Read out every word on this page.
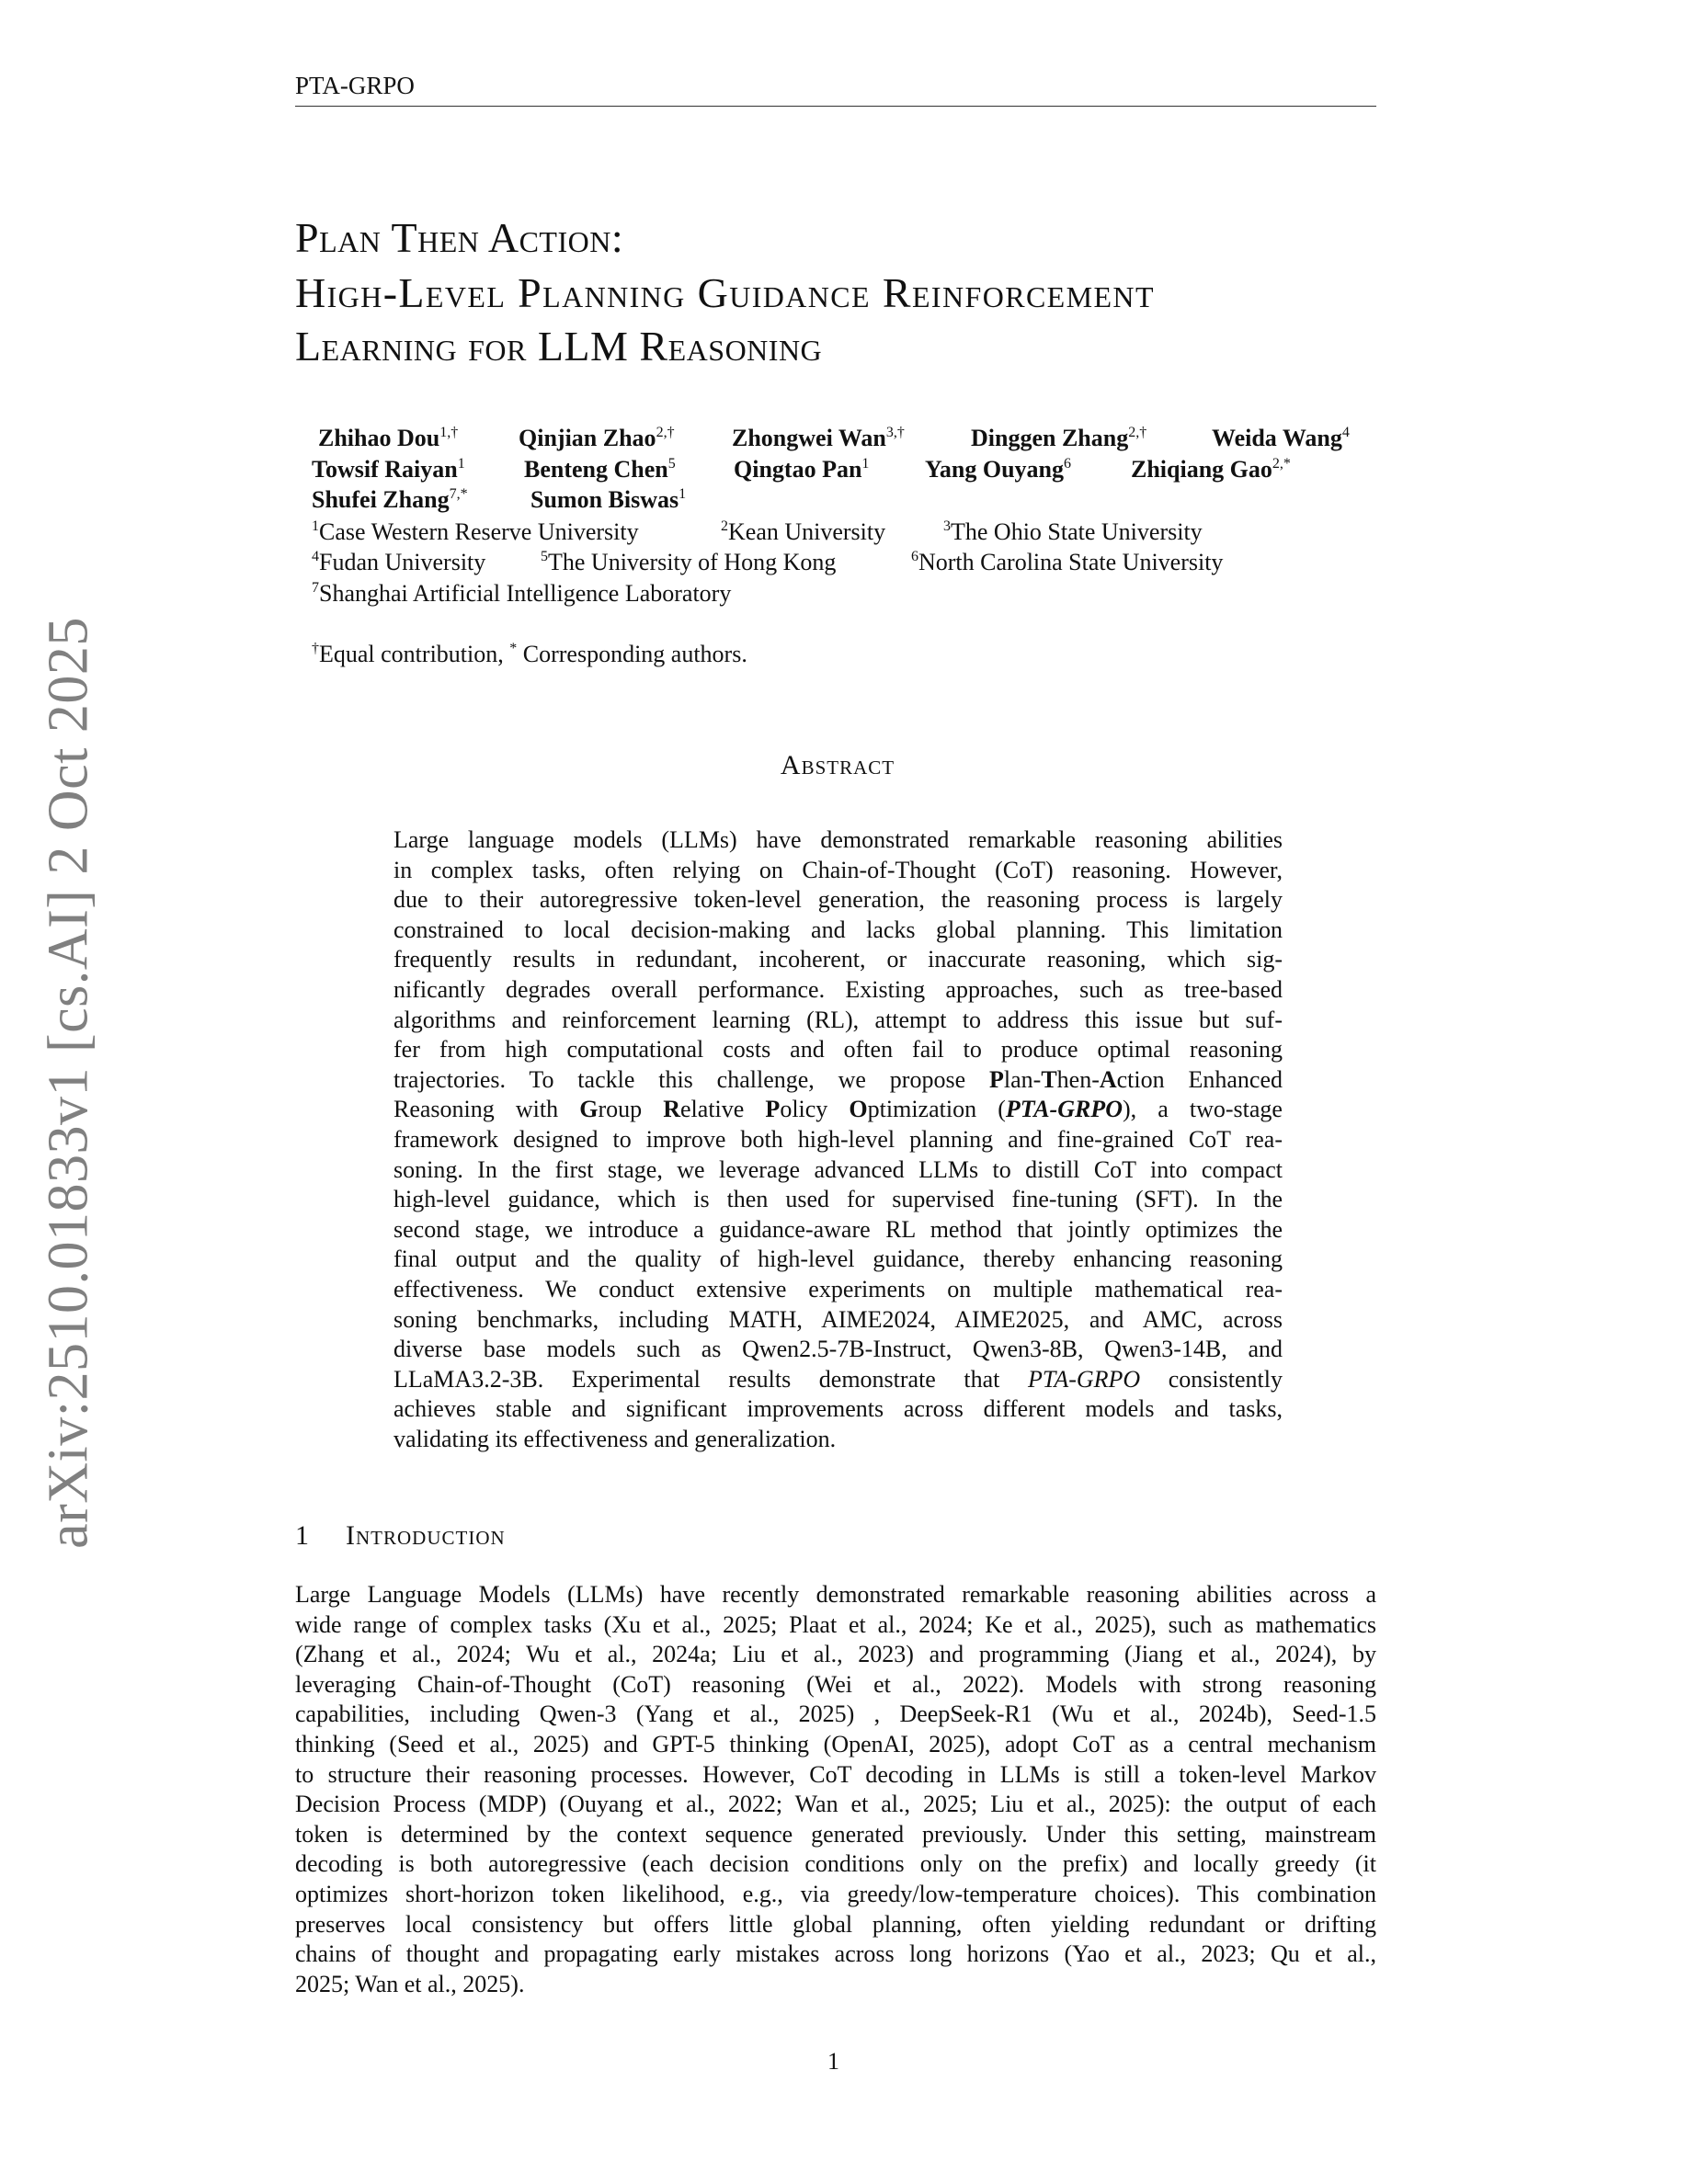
PTA-GRPO
arXiv:2510.01833v1 [cs.AI] 2 Oct 2025
Plan Then Action:
High-Level Planning Guidance Reinforcement
Learning for LLM Reasoning
Zhihao Dou$^{1,\dagger}$	Qinjian Zhao$^{2,\dagger}$ Zhongwei Wan$^{3,\dagger}$	Dinggen Zhang$^{2,\dagger}$	Weida Wang$^4$
Towsif Raiyan$^1$ Benteng Chen$^5$ Qingtao Pan$^1$ Yang Ouyang$^6$	Zhiqiang Gao$^{2,*}$
Shufei Zhang$^{7,*}$	Sumon Biswas$^1$
$^1$Case Western Reserve University	$^2$Kean University	$^3$The Ohio State University
$^4$Fudan University	$^5$The University of Hong Kong	$^6$North Carolina State University
$^7$Shanghai Artificial Intelligence Laboratory
†Equal contribution, * Corresponding authors.
Abstract
Large language models (LLMs) have demonstrated remarkable reasoning abilities
in complex tasks, often relying on Chain-of-Thought (CoT) reasoning. However,
due to their autoregressive token-level generation, the reasoning process is largely
constrained to local decision-making and lacks global planning. This limitation
frequently results in redundant, incoherent, or inaccurate reasoning, which sig-
nificantly degrades overall performance. Existing approaches, such as tree-based
algorithms and reinforcement learning (RL), attempt to address this issue but suf-
fer from high computational costs and often fail to produce optimal reasoning
trajectories. To tackle this challenge, we propose Plan-Then-Action Enhanced
Reasoning with Group Relative Policy Optimization (PTA-GRPO), a two-stage
framework designed to improve both high-level planning and fine-grained CoT rea-
soning. In the first stage, we leverage advanced LLMs to distill CoT into compact
high-level guidance, which is then used for supervised fine-tuning (SFT). In the
second stage, we introduce a guidance-aware RL method that jointly optimizes the
final output and the quality of high-level guidance, thereby enhancing reasoning
effectiveness. We conduct extensive experiments on multiple mathematical rea-
soning benchmarks, including MATH, AIME2024, AIME2025, and AMC, across
diverse base models such as Qwen2.5-7B-Instruct, Qwen3-8B, Qwen3-14B, and
LLaMA3.2-3B. Experimental results demonstrate that PTA-GRPO consistently
achieves stable and significant improvements across different models and tasks,
validating its effectiveness and generalization.
1 Introduction
Large Language Models (LLMs) have recently demonstrated remarkable reasoning abilities across a
wide range of complex tasks (Xu et al., 2025; Plaat et al., 2024; Ke et al., 2025), such as mathematics
(Zhang et al., 2024; Wu et al., 2024a; Liu et al., 2023) and programming (Jiang et al., 2024), by
leveraging Chain-of-Thought (CoT) reasoning (Wei et al., 2022). Models with strong reasoning
capabilities, including Qwen-3 (Yang et al., 2025) , DeepSeek-R1 (Wu et al., 2024b), Seed-1.5
thinking (Seed et al., 2025) and GPT-5 thinking (OpenAI, 2025), adopt CoT as a central mechanism
to structure their reasoning processes. However, CoT decoding in LLMs is still a token-level Markov
Decision Process (MDP) (Ouyang et al., 2022; Wan et al., 2025; Liu et al., 2025): the output of each
token is determined by the context sequence generated previously. Under this setting, mainstream
decoding is both autoregressive (each decision conditions only on the prefix) and locally greedy (it
optimizes short-horizon token likelihood, e.g., via greedy/low-temperature choices). This combination
preserves local consistency but offers little global planning, often yielding redundant or drifting
chains of thought and propagating early mistakes across long horizons (Yao et al., 2023; Qu et al.,
2025; Wan et al., 2025).
1
